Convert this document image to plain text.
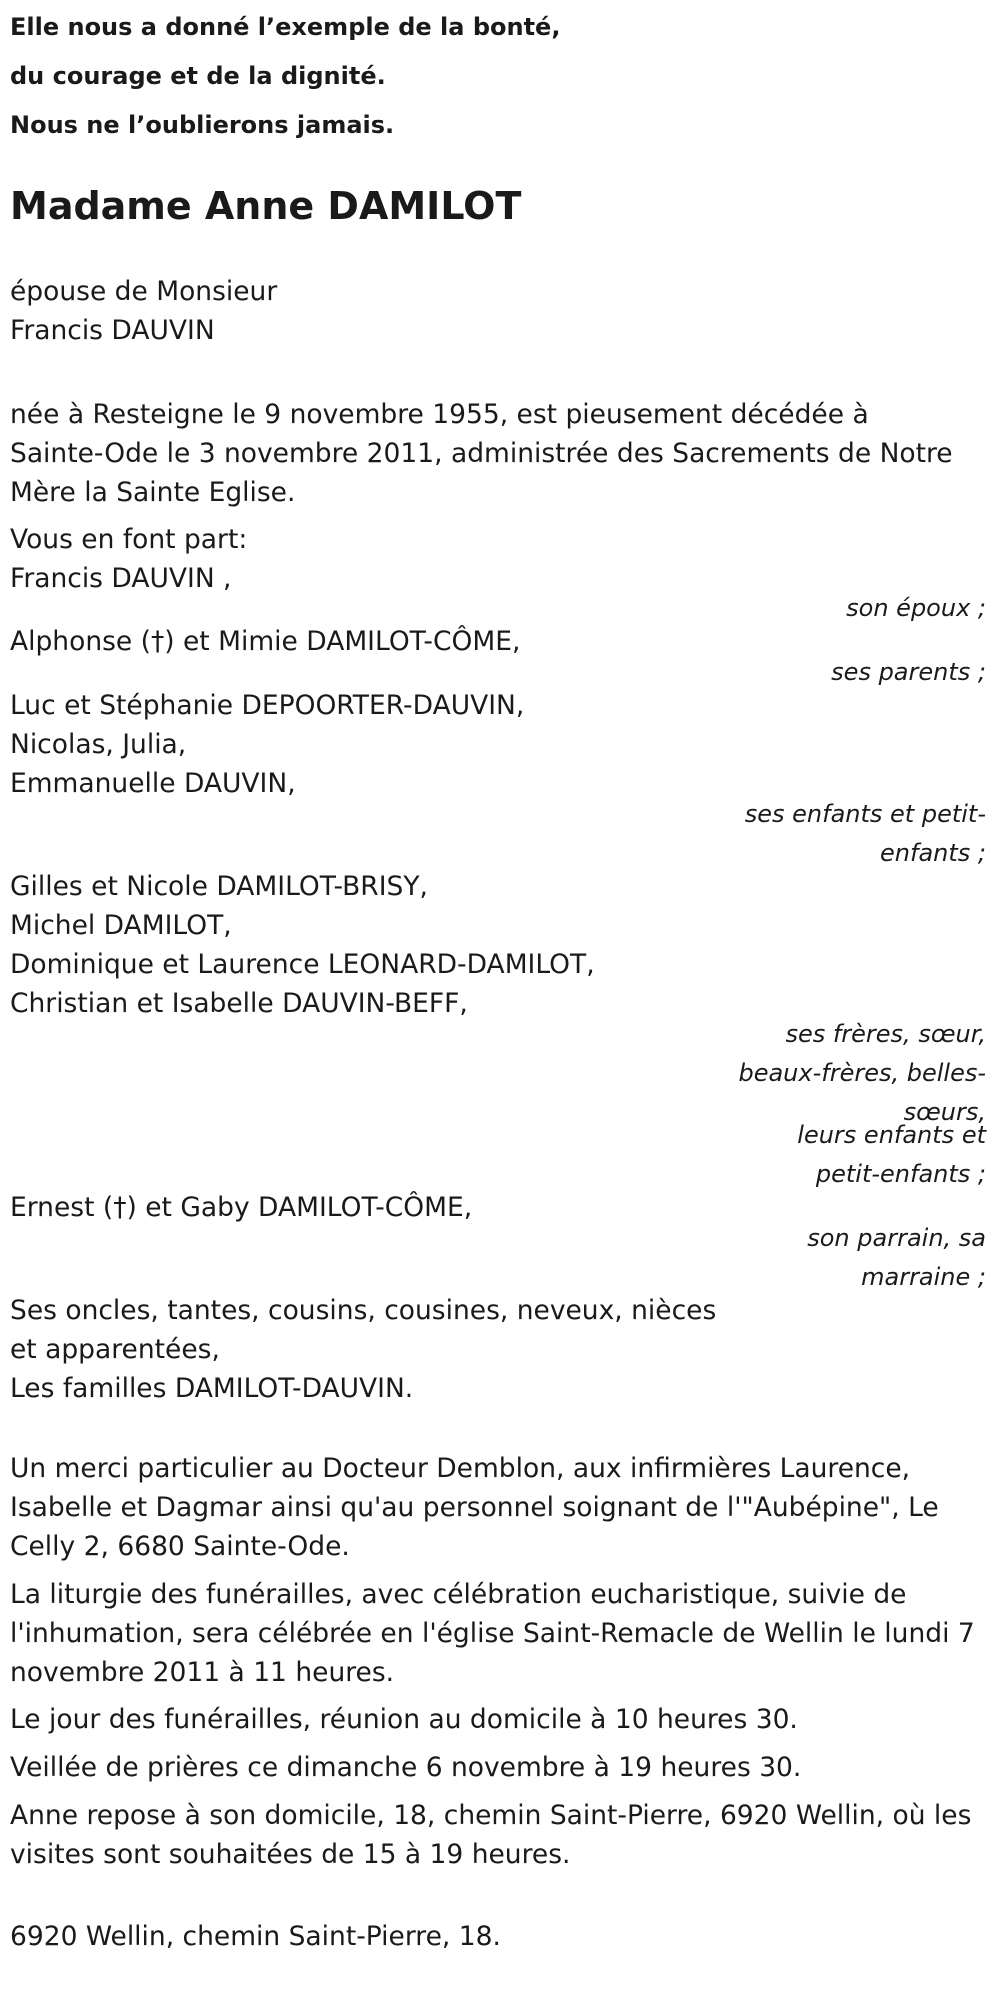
Elle nous a donné l’exemple de la bonté,

du courage et de la dignité.

Nous ne l’oublierons jamais.

Madame Anne DAMILOT

épouse de Monsieur

Francis DAUVIN

née à Resteigne le 9 novembre 1955, est pieusement décédée à

Sainte-Ode le 3 novembre 2011, administrée des Sacrements de Notre

Mère la Sainte Eglise.

Vous en font part:

Francis DAUVIN ,

son époux ;

Alphonse (†) et Mimie DAMILOT-CÔME,

ses parents ;

Luc et Stéphanie DEPOORTER-DAUVIN,

Nicolas, Julia,

Emmanuelle DAUVIN,

ses enfants et petit-

enfants ;

Gilles et Nicole DAMILOT-BRISY,

Michel DAMILOT,

Dominique et Laurence LEONARD-DAMILOT,

Christian et Isabelle DAUVIN-BEFF,

ses frères, sœur,

beaux-frères, belles-

sœurs,

leurs enfants et

petit-enfants ;

Ernest (†) et Gaby DAMILOT-CÔME,

son parrain, sa

marraine ;

Ses oncles, tantes, cousins, cousines, neveux, nièces

et apparentées,

Les familles DAMILOT-DAUVIN.

Un merci particulier au Docteur Demblon, aux infirmières Laurence,

Isabelle et Dagmar ainsi qu'au personnel soignant de l'"Aubépine", Le

Celly 2, 6680 Sainte-Ode.

La liturgie des funérailles, avec célébration eucharistique, suivie de

l'inhumation, sera célébrée en l'église Saint-Remacle de Wellin le lundi 7

novembre 2011 à 11 heures.

Le jour des funérailles, réunion au domicile à 10 heures 30.

Veillée de prières ce dimanche 6 novembre à 19 heures 30.

Anne repose à son domicile, 18, chemin Saint-Pierre, 6920 Wellin, où les

visites sont souhaitées de 15 à 19 heures.

6920 Wellin, chemin Saint-Pierre, 18.
